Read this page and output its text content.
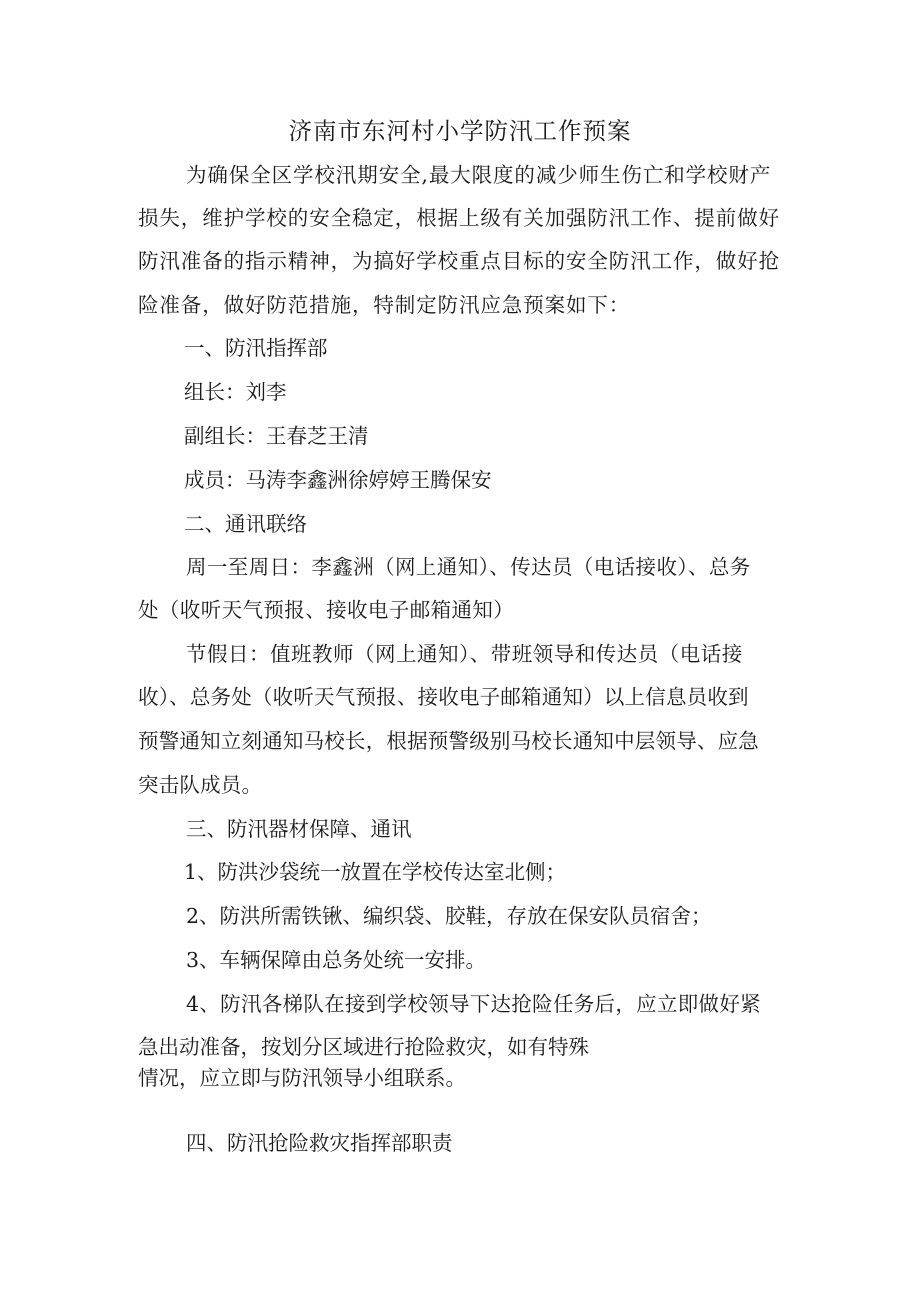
济南市东河村小学防汛工作预案
为确保全区学校汛期安全,最大限度的减少师生伤亡和学校财产
损失，维护学校的安全稳定，根据上级有关加强防汛工作、提前做好
防汛准备的指示精神，为搞好学校重点目标的安全防汛工作，做好抢
险准备，做好防范措施，特制定防汛应急预案如下：
一、防汛指挥部
组长：刘李
副组长：王春芝王清
成员：马涛李鑫洲徐婷婷王腾保安
二、通讯联络
周一至周日：李鑫洲（网上通知）、传达员（电话接收）、总务
处（收听天气预报、接收电子邮箱通知）
节假日：值班教师（网上通知）、带班领导和传达员（电话接
收）、总务处（收听天气预报、接收电子邮箱通知）以上信息员收到
预警通知立刻通知马校长，根据预警级别马校长通知中层领导、应急
突击队成员。
三、防汛器材保障、通讯
1、防洪沙袋统一放置在学校传达室北侧；
2、防洪所需铁锹、编织袋、胶鞋，存放在保安队员宿舍；
3、车辆保障由总务处统一安排。
4、防汛各梯队在接到学校领导下达抢险任务后，应立即做好紧
急出动准备，按划分区域进行抢险救灾，如有特殊
情况，应立即与防汛领导小组联系。
四、防汛抢险救灾指挥部职责
